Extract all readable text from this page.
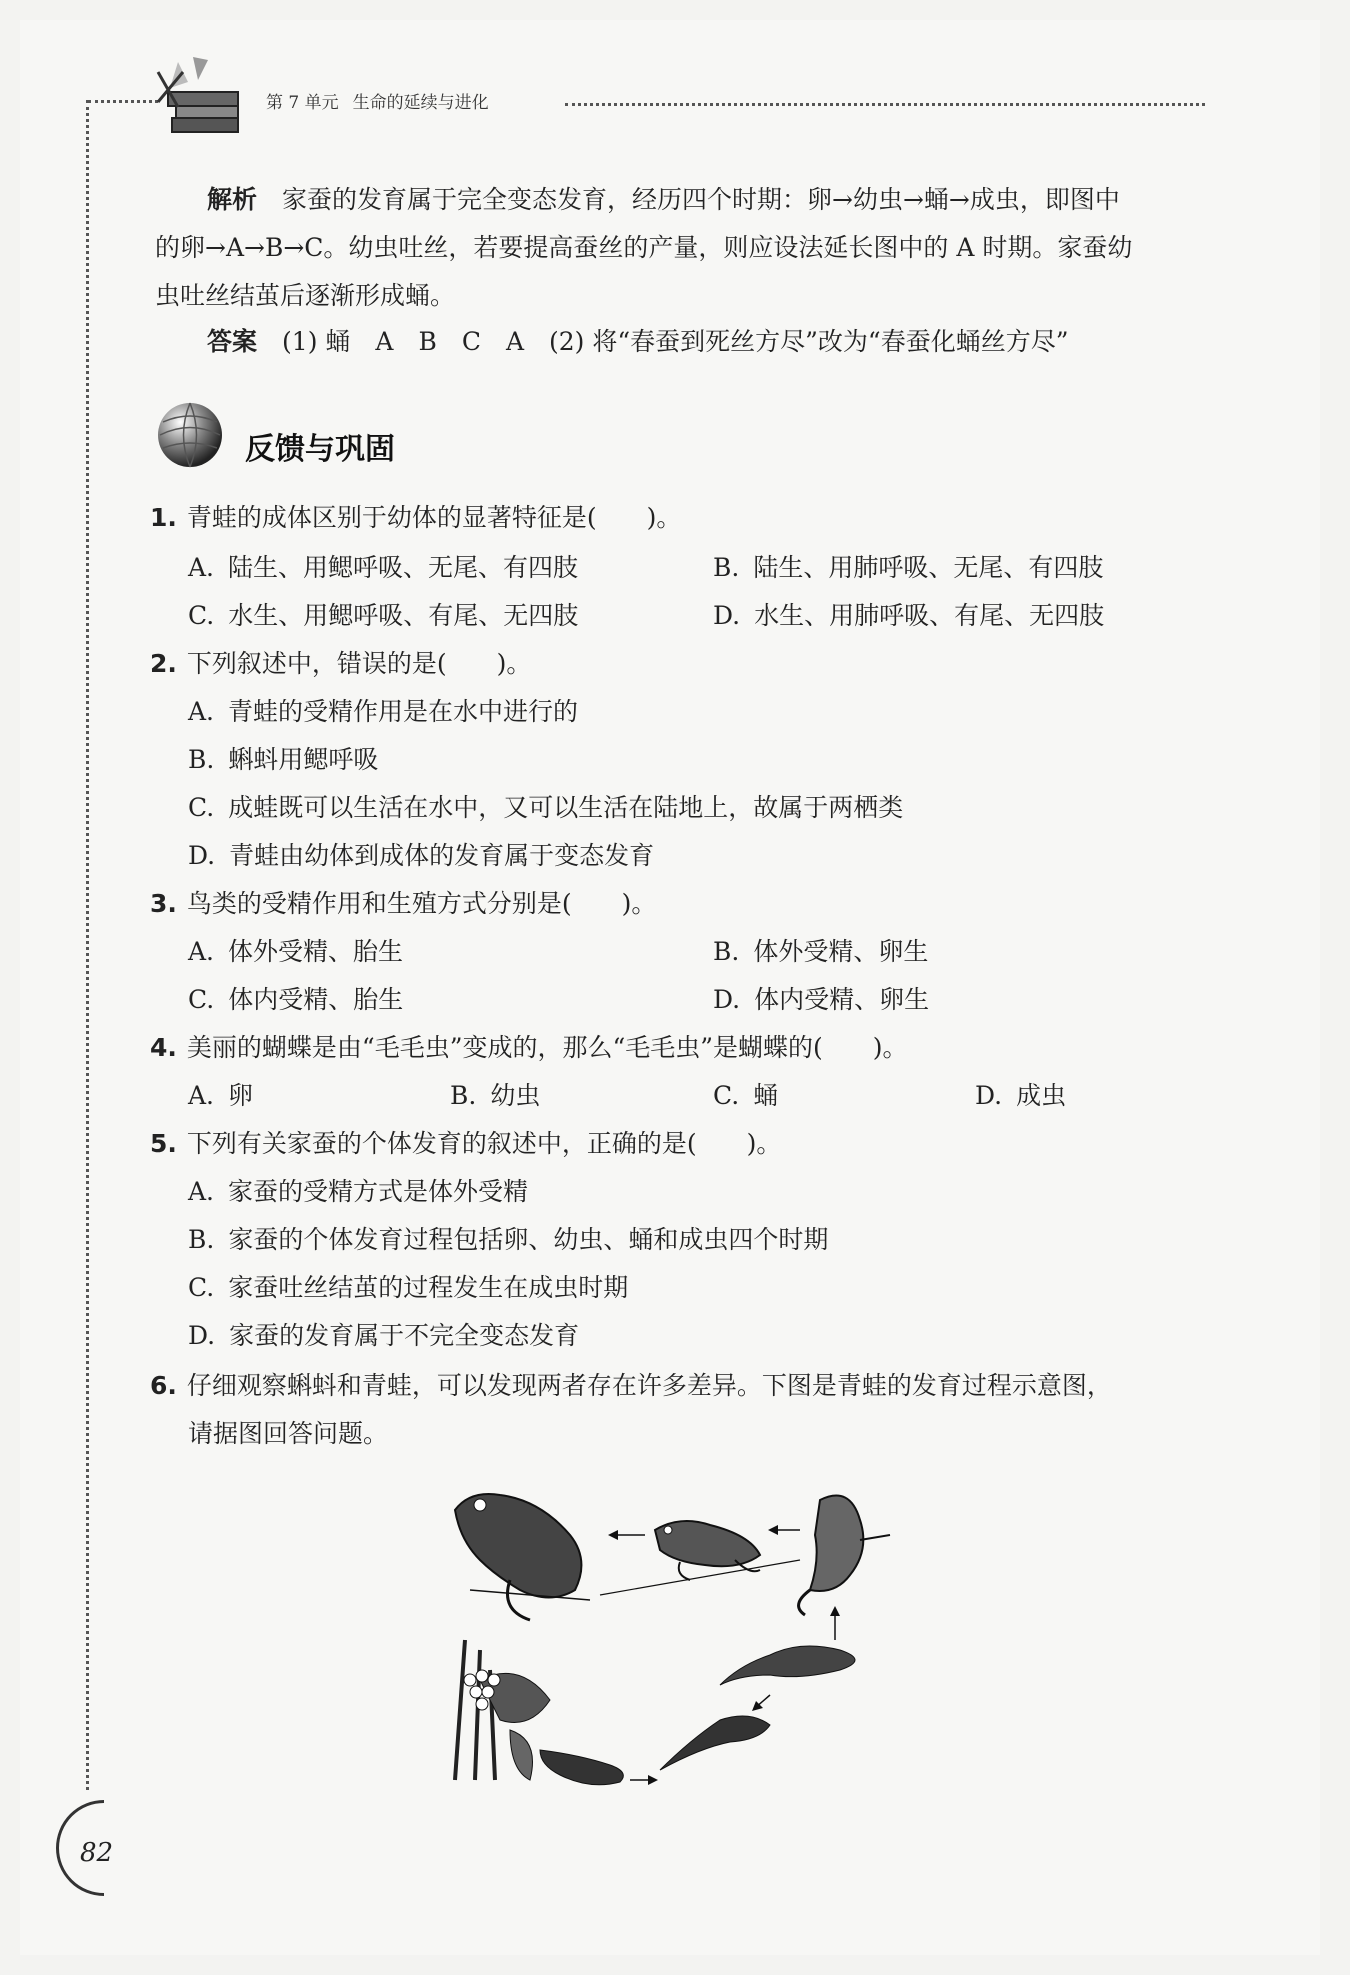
第 7 单元 生命的延续与进化
解析　 家蚕的发育属于完全变态发育，经历四个时期：卵→幼虫→蛹→成虫，即图中
的卵→A→B→C。幼虫吐丝，若要提高蚕丝的产量，则应设法延长图中的 A 时期。家蚕幼
虫吐丝结茧后逐渐形成蛹。
答案　 (1) 蛹　A　B　C　A　(2) 将“春蚕到死丝方尽”改为“春蚕化蛹丝方尽”
反馈与巩固
1. 青蛙的成体区别于幼体的显著特征是(　　)。
A. 陆生、用鳃呼吸、无尾、有四肢	B. 陆生、用肺呼吸、无尾、有四肢
C. 水生、用鳃呼吸、有尾、无四肢	D. 水生、用肺呼吸、有尾、无四肢
2. 下列叙述中，错误的是(　　)。
A. 青蛙的受精作用是在水中进行的
B. 蝌蚪用鳃呼吸
C. 成蛙既可以生活在水中，又可以生活在陆地上，故属于两栖类
D. 青蛙由幼体到成体的发育属于变态发育
3. 鸟类的受精作用和生殖方式分别是(　　)。
A. 体外受精、胎生	B. 体外受精、卵生
C. 体内受精、胎生	D. 体内受精、卵生
4. 美丽的蝴蝶是由“毛毛虫”变成的，那么“毛毛虫”是蝴蝶的(　　)。
A. 卵	B. 幼虫	C. 蛹	D. 成虫
5. 下列有关家蚕的个体发育的叙述中，正确的是(　　)。
A. 家蚕的受精方式是体外受精
B. 家蚕的个体发育过程包括卵、幼虫、蛹和成虫四个时期
C. 家蚕吐丝结茧的过程发生在成虫时期
D. 家蚕的发育属于不完全变态发育
6. 仔细观察蝌蚪和青蛙，可以发现两者存在许多差异。下图是青蛙的发育过程示意图，
请据图回答问题。
82
